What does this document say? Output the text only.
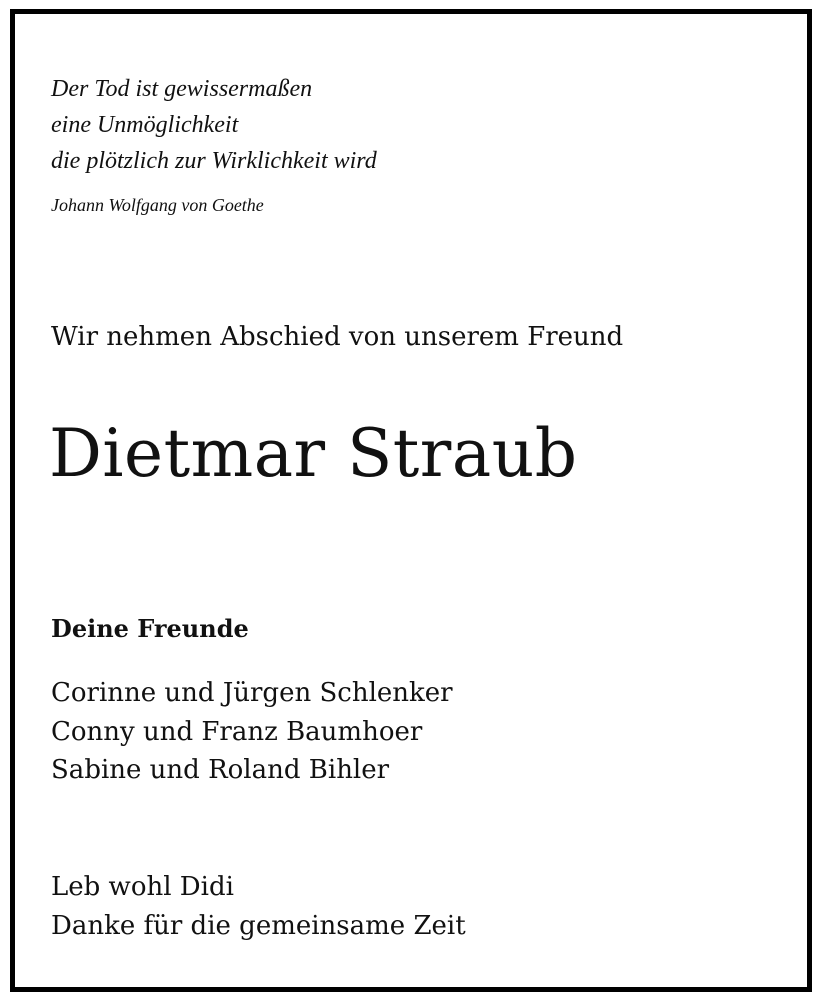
Der Tod ist gewissermaßen
eine Unmöglichkeit
die plötzlich zur Wirklichkeit wird
Johann Wolfgang von Goethe
Wir nehmen Abschied von unserem Freund
Dietmar Straub
Deine Freunde
Corinne und Jürgen Schlenker
Conny und Franz Baumhoer
Sabine und Roland Bihler
Leb wohl Didi
Danke für die gemeinsame Zeit
